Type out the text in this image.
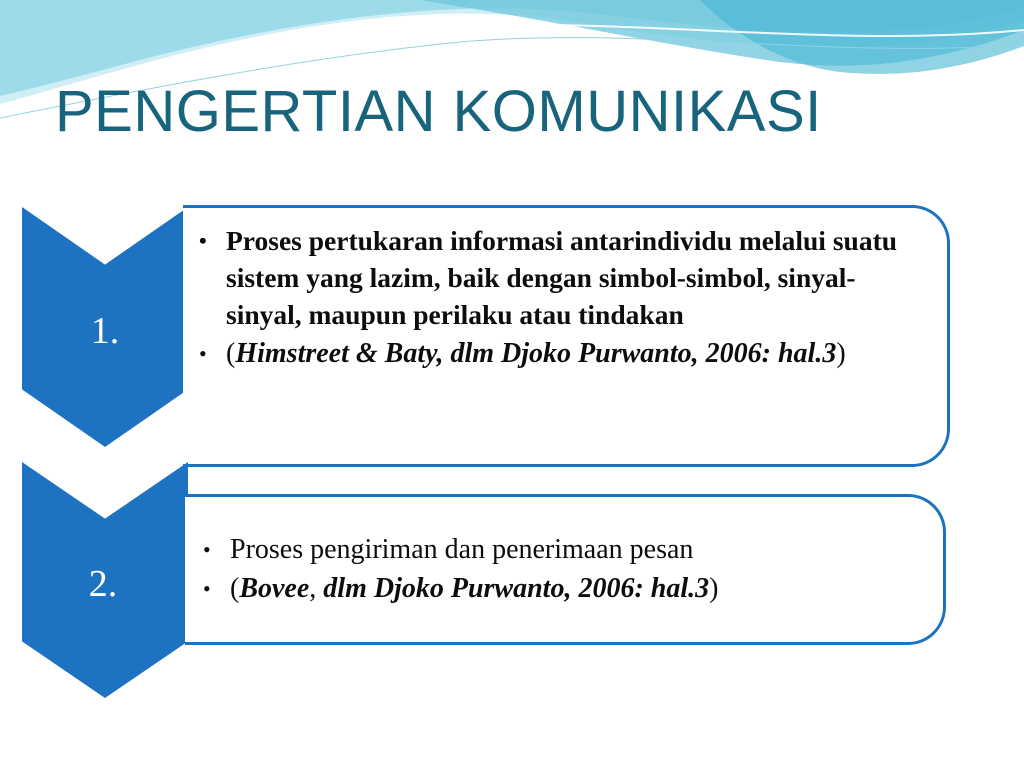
PENGERTIAN KOMUNIKASI
1.
• Proses pertukaran informasi antarindividu melalui suatu sistem yang lazim, baik dengan simbol-simbol, sinyal-sinyal, maupun perilaku atau tindakan
• (Himstreet & Baty, dlm Djoko Purwanto, 2006: hal.3)
2.
• Proses pengiriman dan penerimaan pesan
• (Bovee, dlm Djoko Purwanto, 2006: hal.3)
